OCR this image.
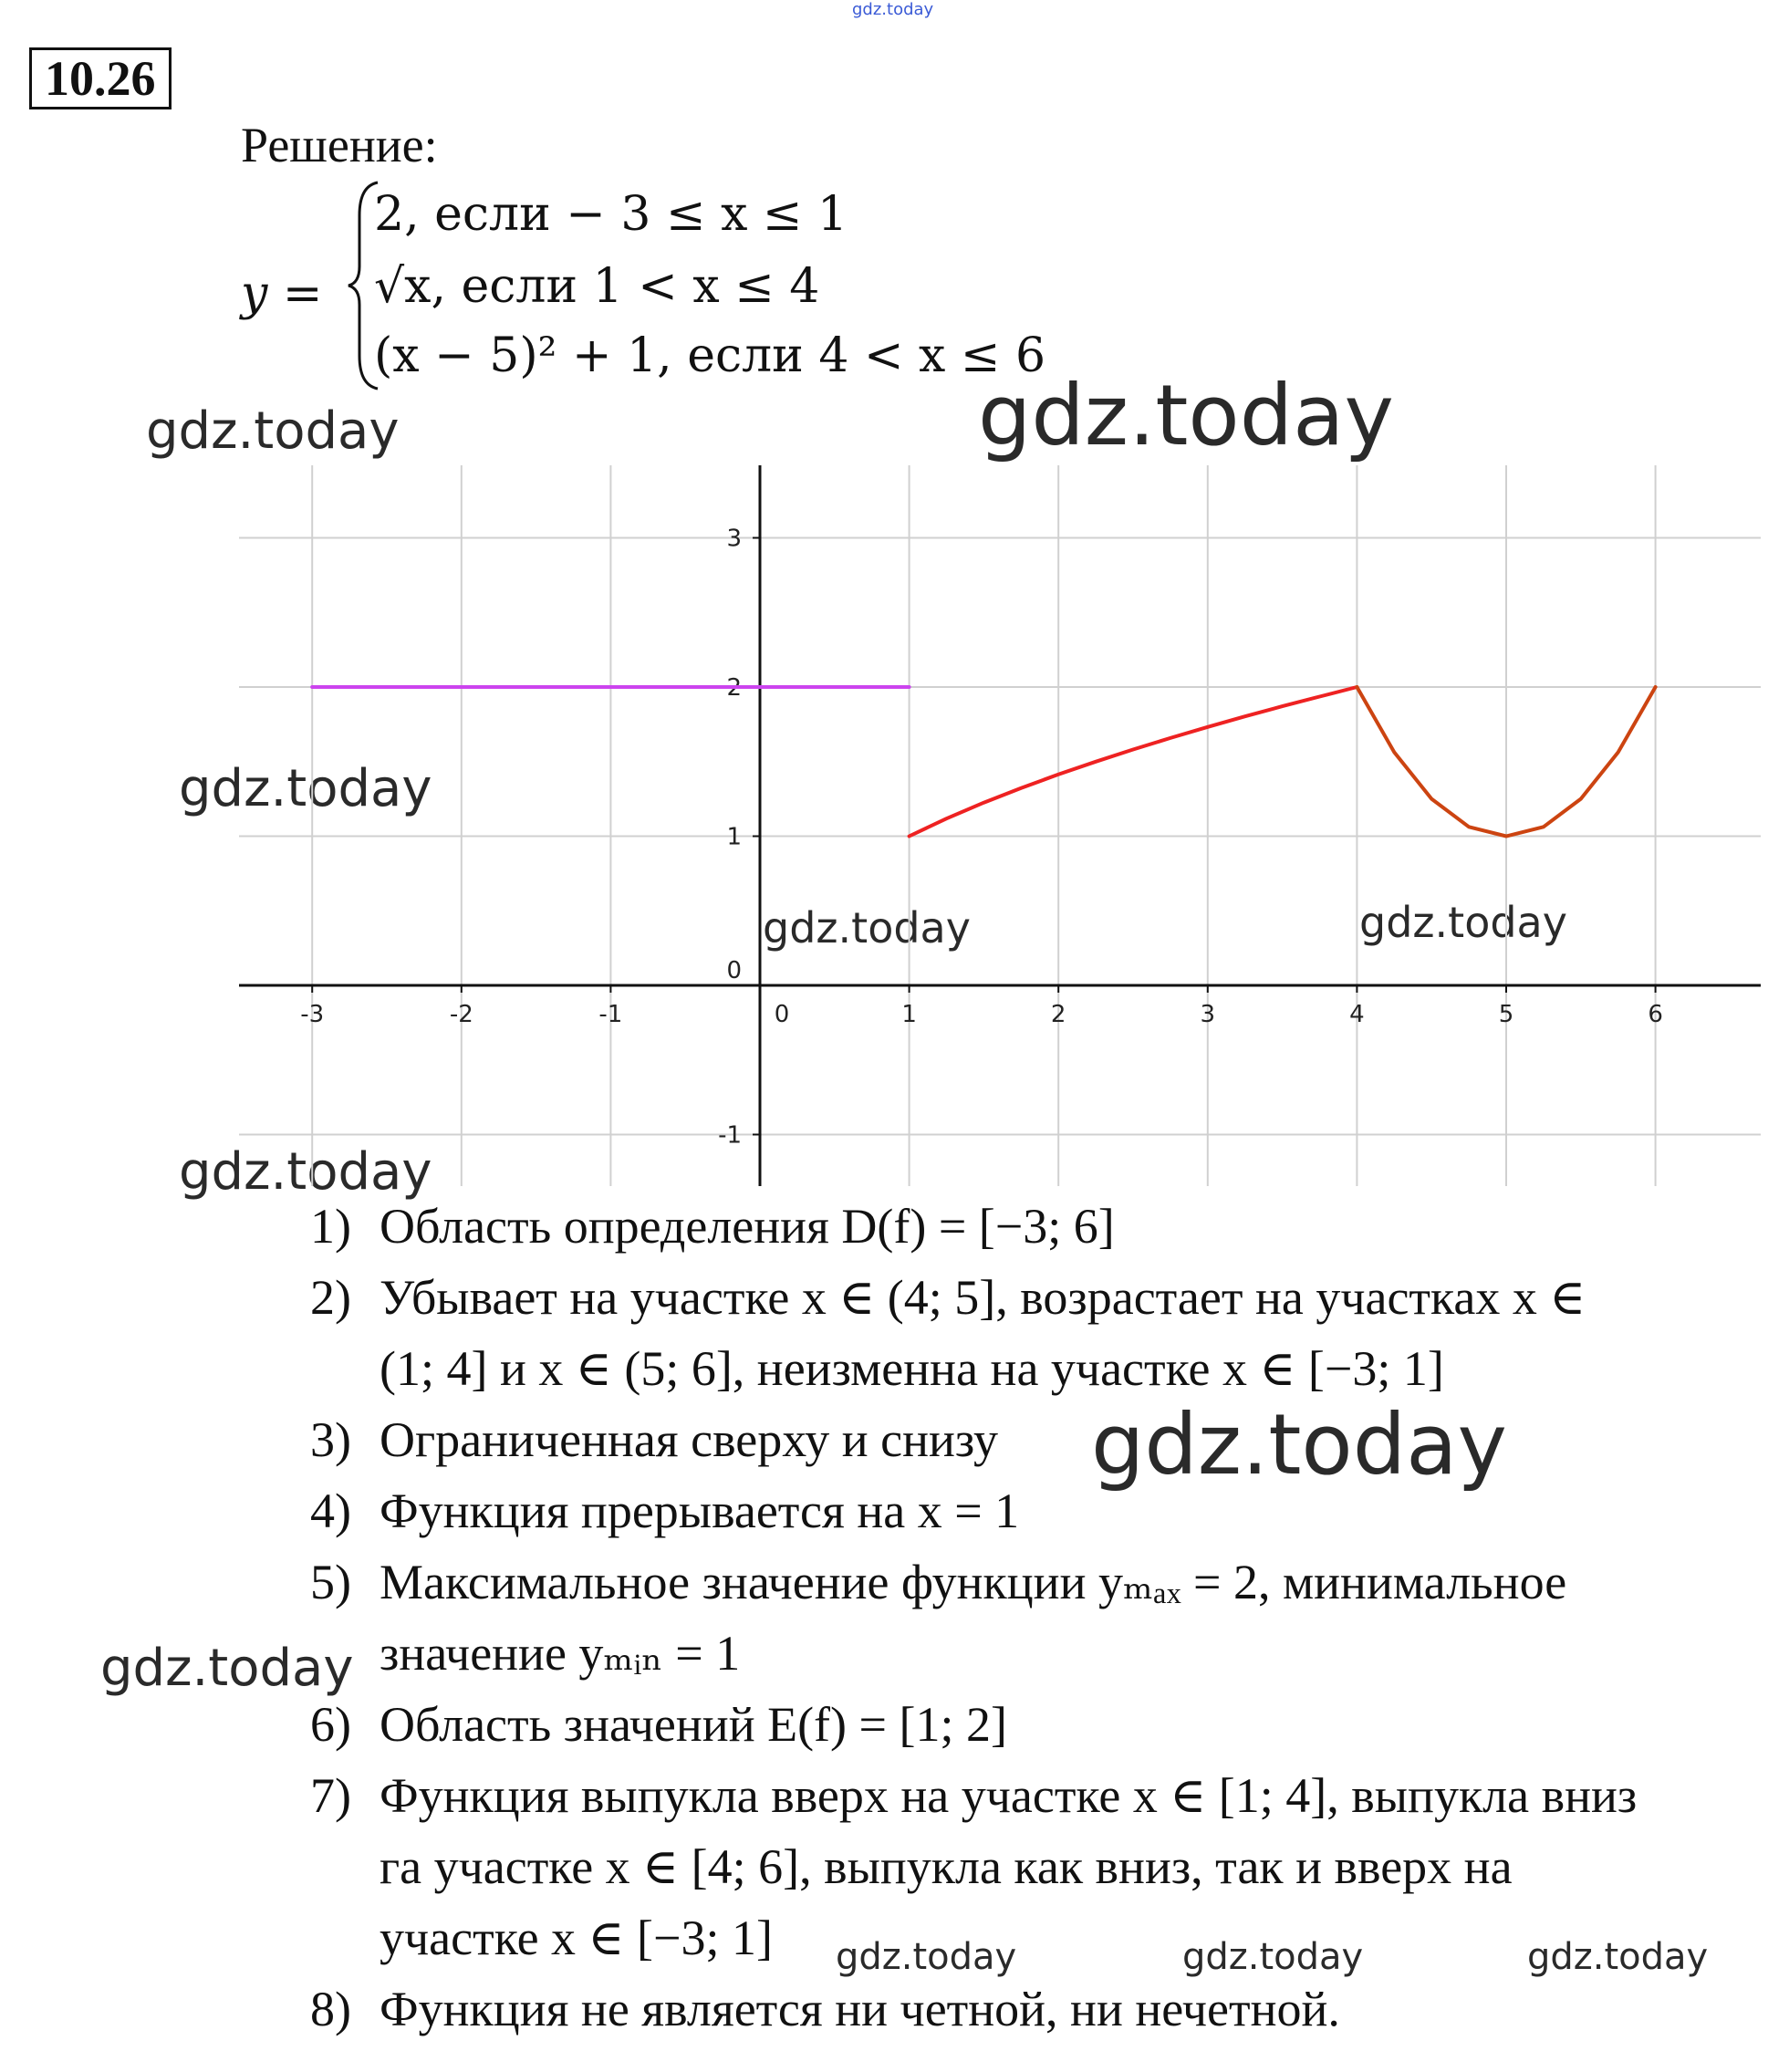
gdz.today
10.26
Решение:
y =
2, если − 3 ≤ x ≤ 1
√x, если 1 < x ≤ 4
(x − 5)² + 1, если 4 < x ≤ 6
gdz.today	gdz.today
gdz.today
gdz.today	gdz.today
gdz.today
-3	-2	-1	0	1	2	3	4	5	6
-1
0
1
2
3
1) Область определения D(f) = [−3; 6]
2) Убывает на участке x ∈ (4; 5], возрастает на участках x ∈
(1; 4] и x ∈ (5; 6], неизменна на участке x ∈ [−3; 1]
3) Ограниченная сверху и снизу
4) Функция прерывается на x = 1
5) Максимальное значение функции yₘₐₓ = 2, минимальное
значение yₘᵢₙ = 1
6) Область значений E(f) = [1; 2]
7) Функция выпукла вверх на участке x ∈ [1; 4], выпукла вниз
га участке x ∈ [4; 6], выпукла как вниз, так и вверх на
участке x ∈ [−3; 1]
8) Функция не является ни четной, ни нечетной.
gdz.today
gdz.today
gdz.today	gdz.today	gdz.today
